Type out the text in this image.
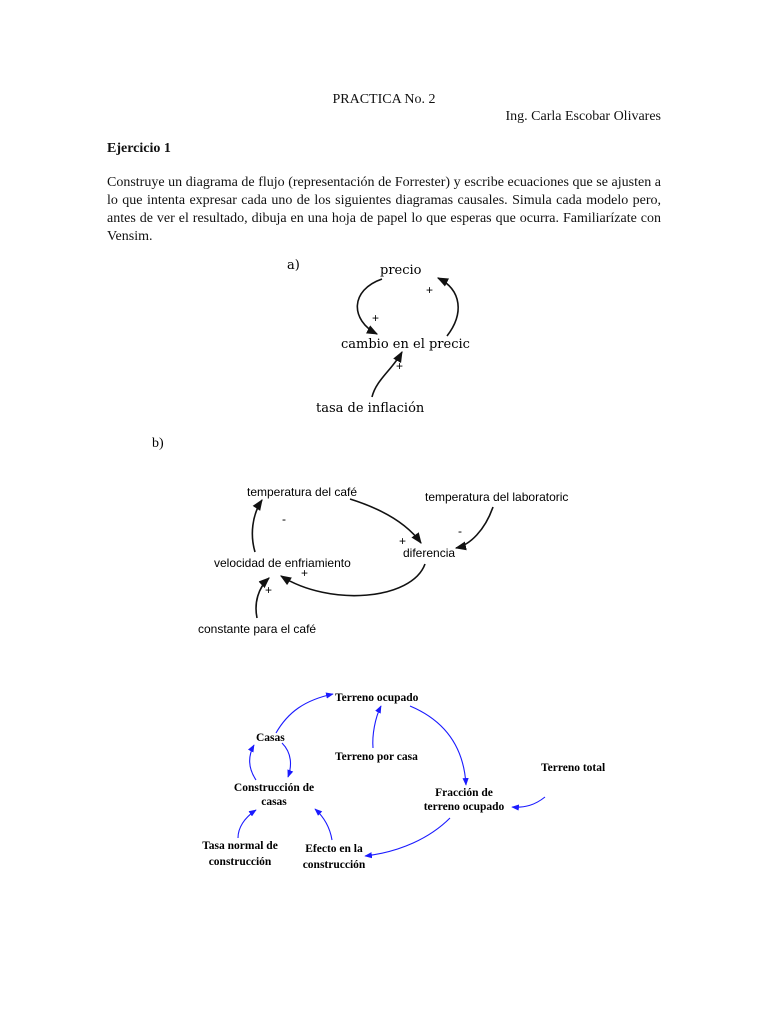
PRACTICA No. 2
Ing. Carla Escobar Olivares
Ejercicio 1
Construye un diagrama de flujo (representación de Forrester) y escribe ecuaciones que se ajusten a lo que intenta expresar cada uno de los siguientes diagramas causales. Simula cada modelo pero, antes de ver el resultado, dibuja en una hoja de papel lo que esperas que ocurra. Familiarízate con Vensim.
a)	precio
cambio en el precic
tasa de inflación
+
+
+
b)
temperatura del café	temperatura del laboratoric
diferencia
velocidad de enfriamiento
constante para el café
-
+
-
+
+
Terreno ocupado
Casas
Terreno por casa
Terreno total
Construcción de
casas
Fracción de
terreno ocupado
Tasa normal de
construcción
Efecto en la
construcción
